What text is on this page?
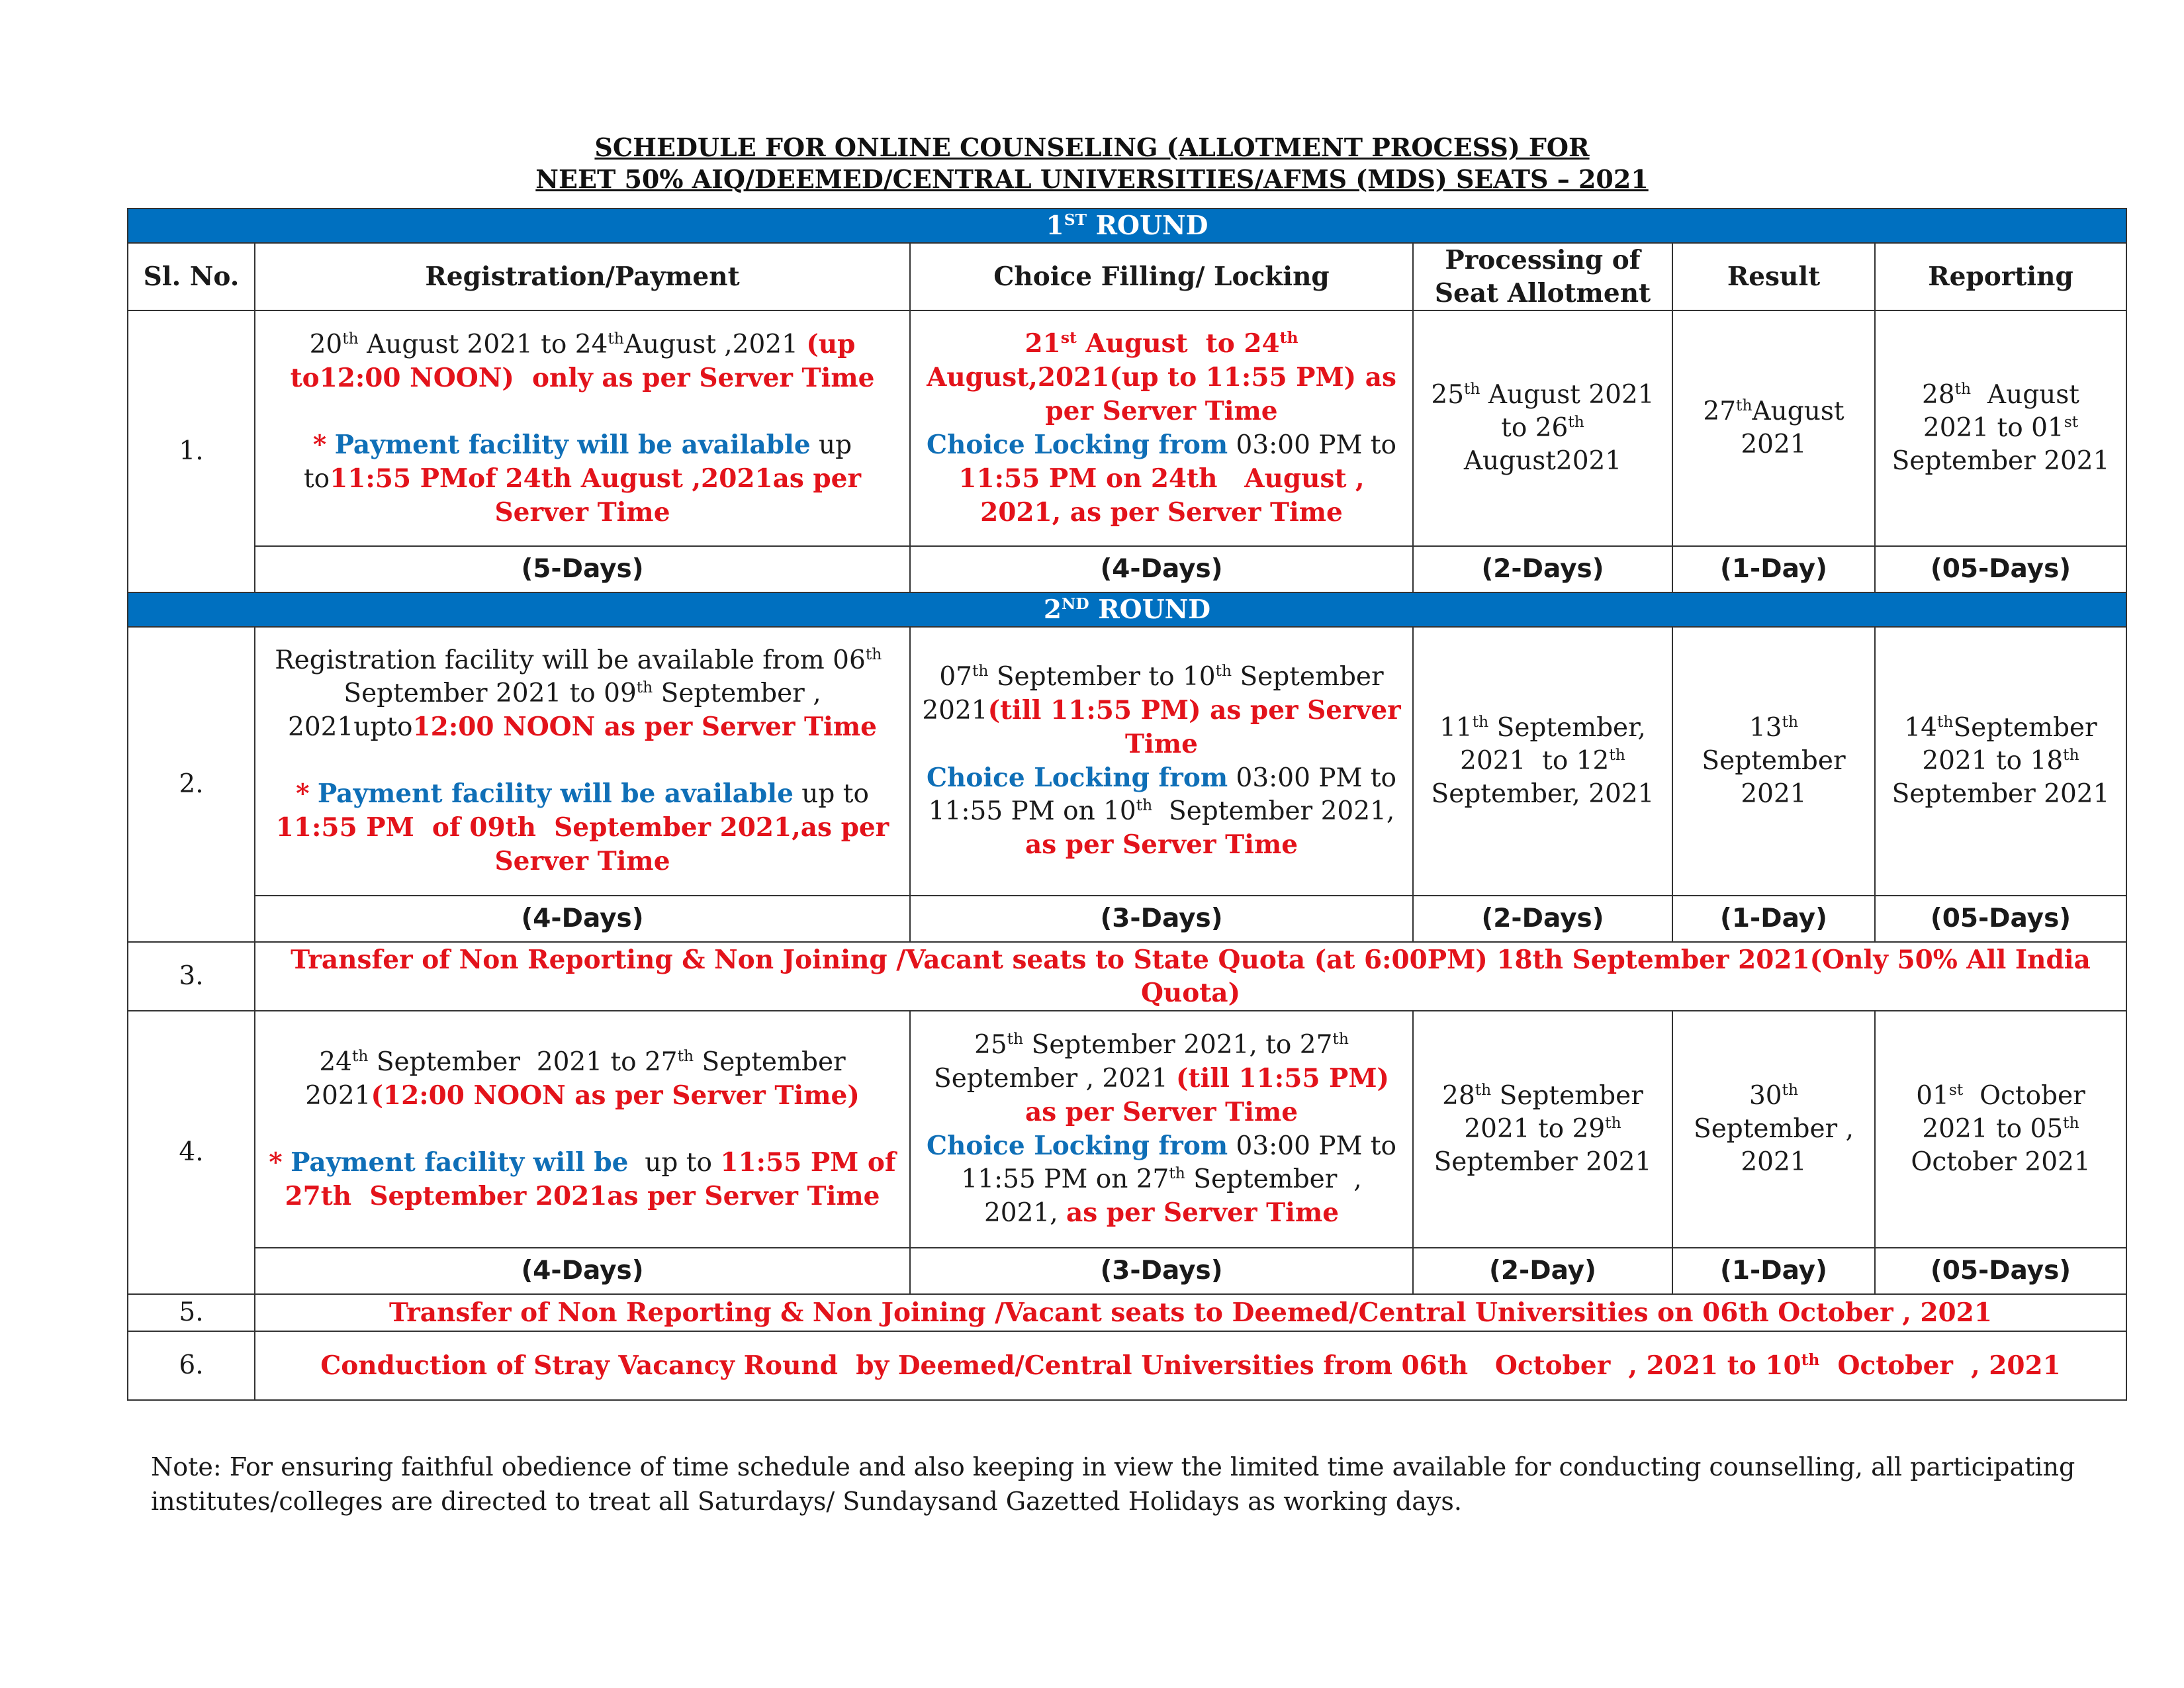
SCHEDULE FOR ONLINE COUNSELING (ALLOTMENT PROCESS) FOR
NEET 50% AIQ/DEEMED/CENTRAL UNIVERSITIES/AFMS (MDS) SEATS – 2021
1ST ROUND					
Sl. No.	Registration/Payment	Choice Filling/ Locking	Processing of Seat Allotment	Result	Reporting
1.	20th August 2021 to 24thAugust ,2021 (up to12:00 NOON)  only as per Server Time

* Payment facility will be available up to11:55 PMof 24th August ,2021as per Server Time	21st August  to 24th August,2021(up to 11:55 PM) as per Server Time
Choice Locking from 03:00 PM to 11:55 PM on 24th   August , 2021, as per Server Time	25th August 2021 to 26th August2021	27thAugust 2021	28th  August 2021 to 01st September 2021
	(5-Days)	(4-Days)	(2-Days)	(1-Day)	(05-Days)
2ND ROUND					
2.	Registration facility will be available from 06th  September 2021 to 09th September , 2021upto12:00 NOON as per Server Time

* Payment facility will be available up to 11:55 PM  of 09th  September 2021,as per Server Time	07th September to 10th September 2021(till 11:55 PM) as per Server Time
Choice Locking from 03:00 PM to 11:55 PM on 10th  September 2021, as per Server Time	11th September, 2021  to 12th September, 2021	13th September 2021	14thSeptember 2021 to 18th September 2021
	(4-Days)	(3-Days)	(2-Days)	(1-Day)	(05-Days)
3.	Transfer of Non Reporting & Non Joining /Vacant seats to State Quota (at 6:00PM) 18th September 2021(Only 50% All India Quota)				
4.	24th September  2021 to 27th September 2021(12:00 NOON as per Server Time)

* Payment facility will be  up to 11:55 PM of 27th  September 2021as per Server Time	25th September 2021, to 27th September , 2021 (till 11:55 PM) as per Server Time
Choice Locking from 03:00 PM to 11:55 PM on 27th September  , 2021, as per Server Time	28th September 2021 to 29th September 2021	30th September , 2021	01st  October 2021 to 05th October 2021
	(4-Days)	(3-Days)	(2-Day)	(1-Day)	(05-Days)
5.	Transfer of Non Reporting & Non Joining /Vacant seats to Deemed/Central Universities on 06th October , 2021				
6.	Conduction of Stray Vacancy Round  by Deemed/Central Universities from 06th   October  , 2021 to 10th  October  , 2021				
Note: For ensuring faithful obedience of time schedule and also keeping in view the limited time available for conducting counselling, all participating institutes/colleges are directed to treat all Saturdays/ Sundaysand Gazetted Holidays as working days.
